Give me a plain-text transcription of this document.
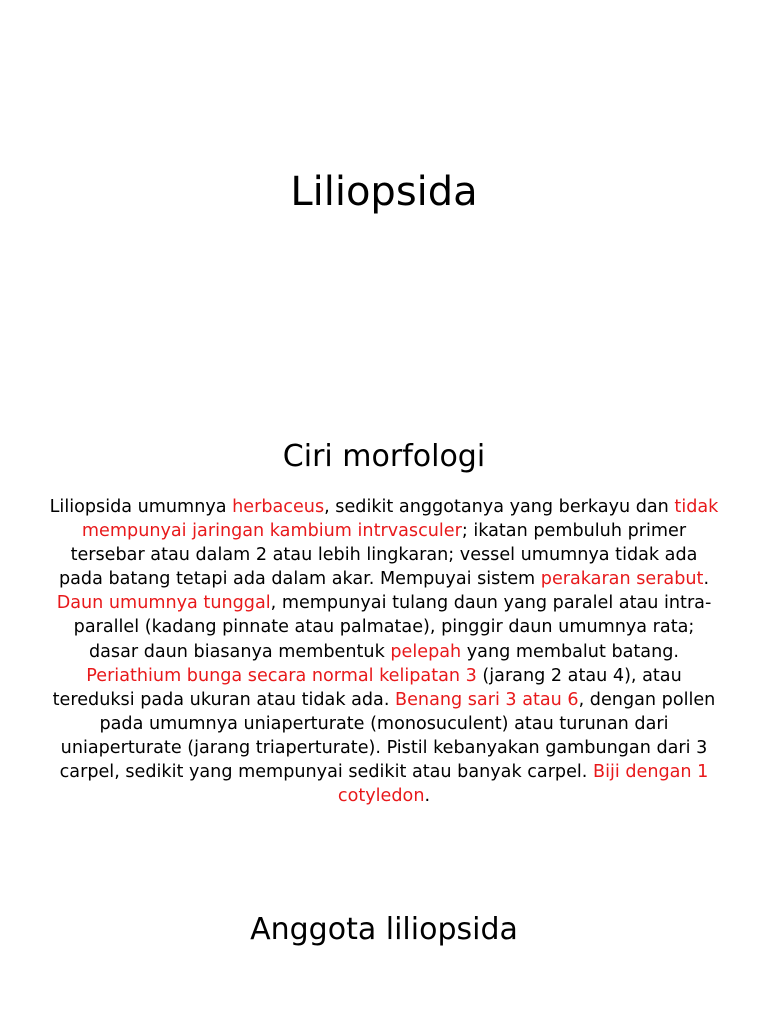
Liliopsida
Ciri morfologi

Liliopsida umumnya herbaceus, sedikit anggotanya yang berkayu dan tidak mempunyai jaringan kambium intrvasculer; ikatan pembuluh primer tersebar atau dalam 2 atau lebih lingkaran; vessel umumnya tidak ada pada batang tetapi ada dalam akar. Mempuyai sistem perakaran serabut. Daun umumnya tunggal, mempunyai tulang daun yang paralel atau intra- parallel (kadang pinnate atau palmatae), pinggir daun umumnya rata; dasar daun biasanya membentuk pelepah yang membalut batang. Periathium bunga secara normal kelipatan 3 (jarang 2 atau 4), atau tereduksi pada ukuran atau tidak ada. Benang sari 3 atau 6, dengan pollen pada umumnya uniaperturate (monosuculent) atau turunan dari uniaperturate (jarang triaperturate). Pistil kebanyakan gambungan dari 3 carpel, sedikit yang mempunyai sedikit atau banyak carpel. Biji dengan 1 cotyledon.

Anggota liliopsida
